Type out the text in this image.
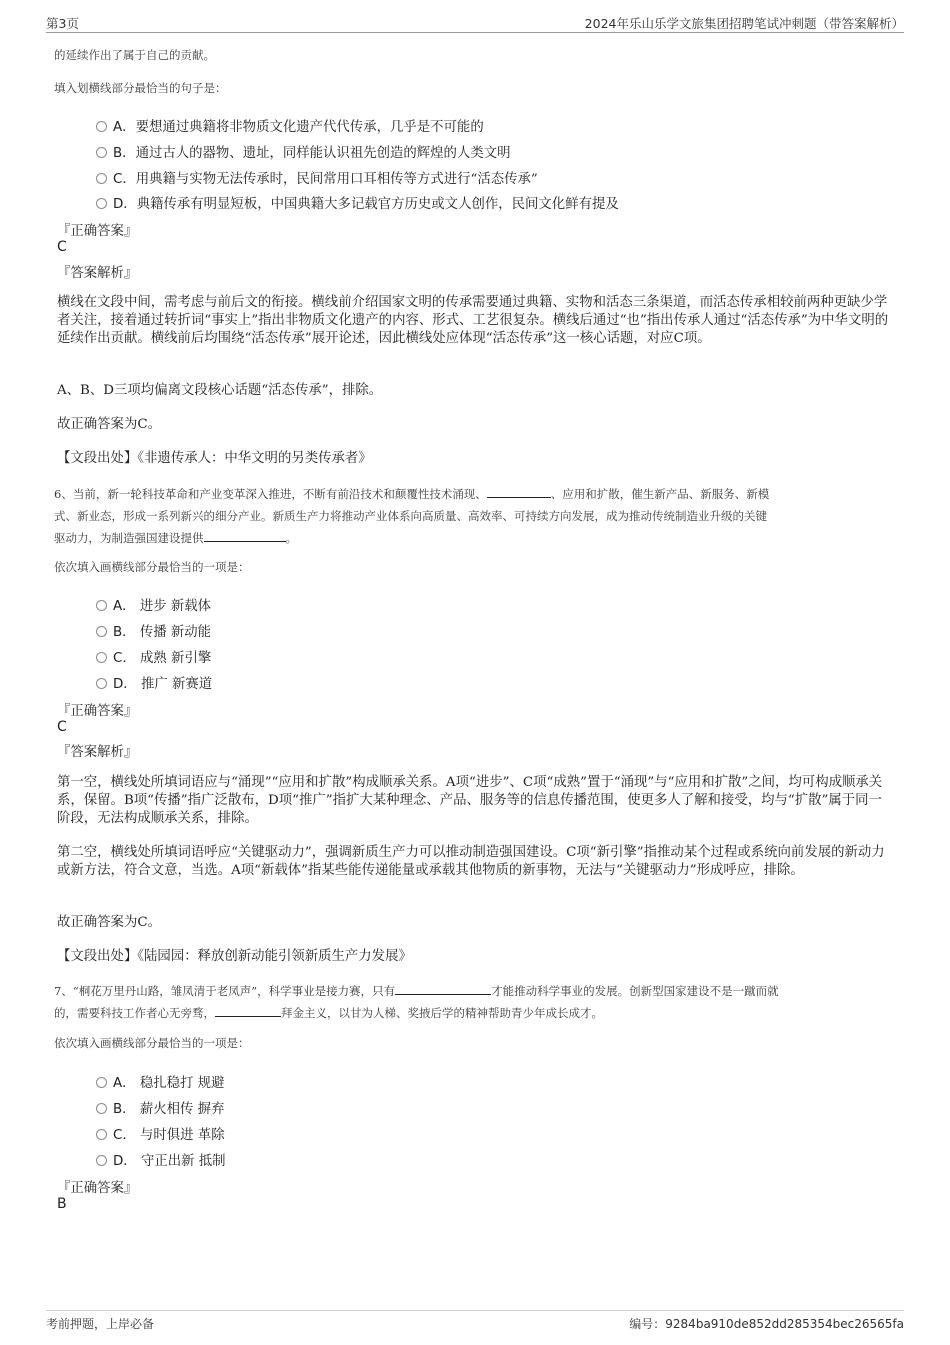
第3页	2024年乐山乐学文旅集团招聘笔试冲刺题（带答案解析）
的延续作出了属于自己的贡献。
填入划横线部分最恰当的句子是：
A．要想通过典籍将非物质文化遗产代代传承，几乎是不可能的
B．通过古人的器物、遗址，同样能认识祖先创造的辉煌的人类文明
C．用典籍与实物无法传承时，民间常用口耳相传等方式进行“活态传承”
D．典籍传承有明显短板，中国典籍大多记载官方历史或文人创作，民间文化鲜有提及
『正确答案』
C
『答案解析』
横线在文段中间，需考虑与前后文的衔接。横线前介绍国家文明的传承需要通过典籍、实物和活态三条渠道，而活态传承相较前两种更缺少学者关注，接着通过转折词“事实上”指出非物质文化遗产的内容、形式、工艺很复杂。横线后通过“也”指出传承人通过“活态传承”为中华文明的延续作出贡献。横线前后均围绕“活态传承”展开论述，因此横线处应体现“活态传承”这一核心话题，对应C项。
A、B、D三项均偏离文段核心话题“活态传承”，排除。
故正确答案为C。
【文段出处】《非遗传承人：中华文明的另类传承者》
6、当前，新一轮科技革命和产业变革深入推进，不断有前沿技术和颠覆性技术涌现、	、应用和扩散，催生新产品、新服务、新模
式、新业态，形成一系列新兴的细分产业。新质生产力将推动产业体系向高质量、高效率、可持续方向发展，成为推动传统制造业升级的关键
驱动力，为制造强国建设提供	。
依次填入画横线部分最恰当的一项是：
A． 进步 新载体
B． 传播 新动能
C． 成熟 新引擎
D． 推广 新赛道
『正确答案』
C
『答案解析』
第一空，横线处所填词语应与“涌现”“应用和扩散”构成顺承关系。A项“进步”、C项“成熟”置于“涌现”与“应用和扩散”之间，均可构成顺承关系，保留。B项“传播”指广泛散布，D项“推广”指扩大某种理念、产品、服务等的信息传播范围，使更多人了解和接受，均与“扩散”属于同一阶段，无法构成顺承关系，排除。
第二空，横线处所填词语呼应“关键驱动力”，强调新质生产力可以推动制造强国建设。C项“新引擎”指推动某个过程或系统向前发展的新动力或新方法，符合文意，当选。A项“新载体”指某些能传递能量或承载其他物质的新事物，无法与“关键驱动力”形成呼应，排除。
故正确答案为C。
【文段出处】《陆园园：释放创新动能引领新质生产力发展》
7、“桐花万里丹山路，雏凤清于老凤声”，科学事业是接力赛，只有	才能推动科学事业的发展。创新型国家建设不是一蹴而就
的，需要科技工作者心无旁骛，	拜金主义，以甘为人梯、奖掖后学的精神帮助青少年成长成才。
依次填入画横线部分最恰当的一项是：
A． 稳扎稳打 规避
B． 薪火相传 摒弃
C． 与时俱进 革除
D． 守正出新 抵制
『正确答案』
B
考前押题，上岸必备	编号：9284ba910de852dd285354bec26565fa
